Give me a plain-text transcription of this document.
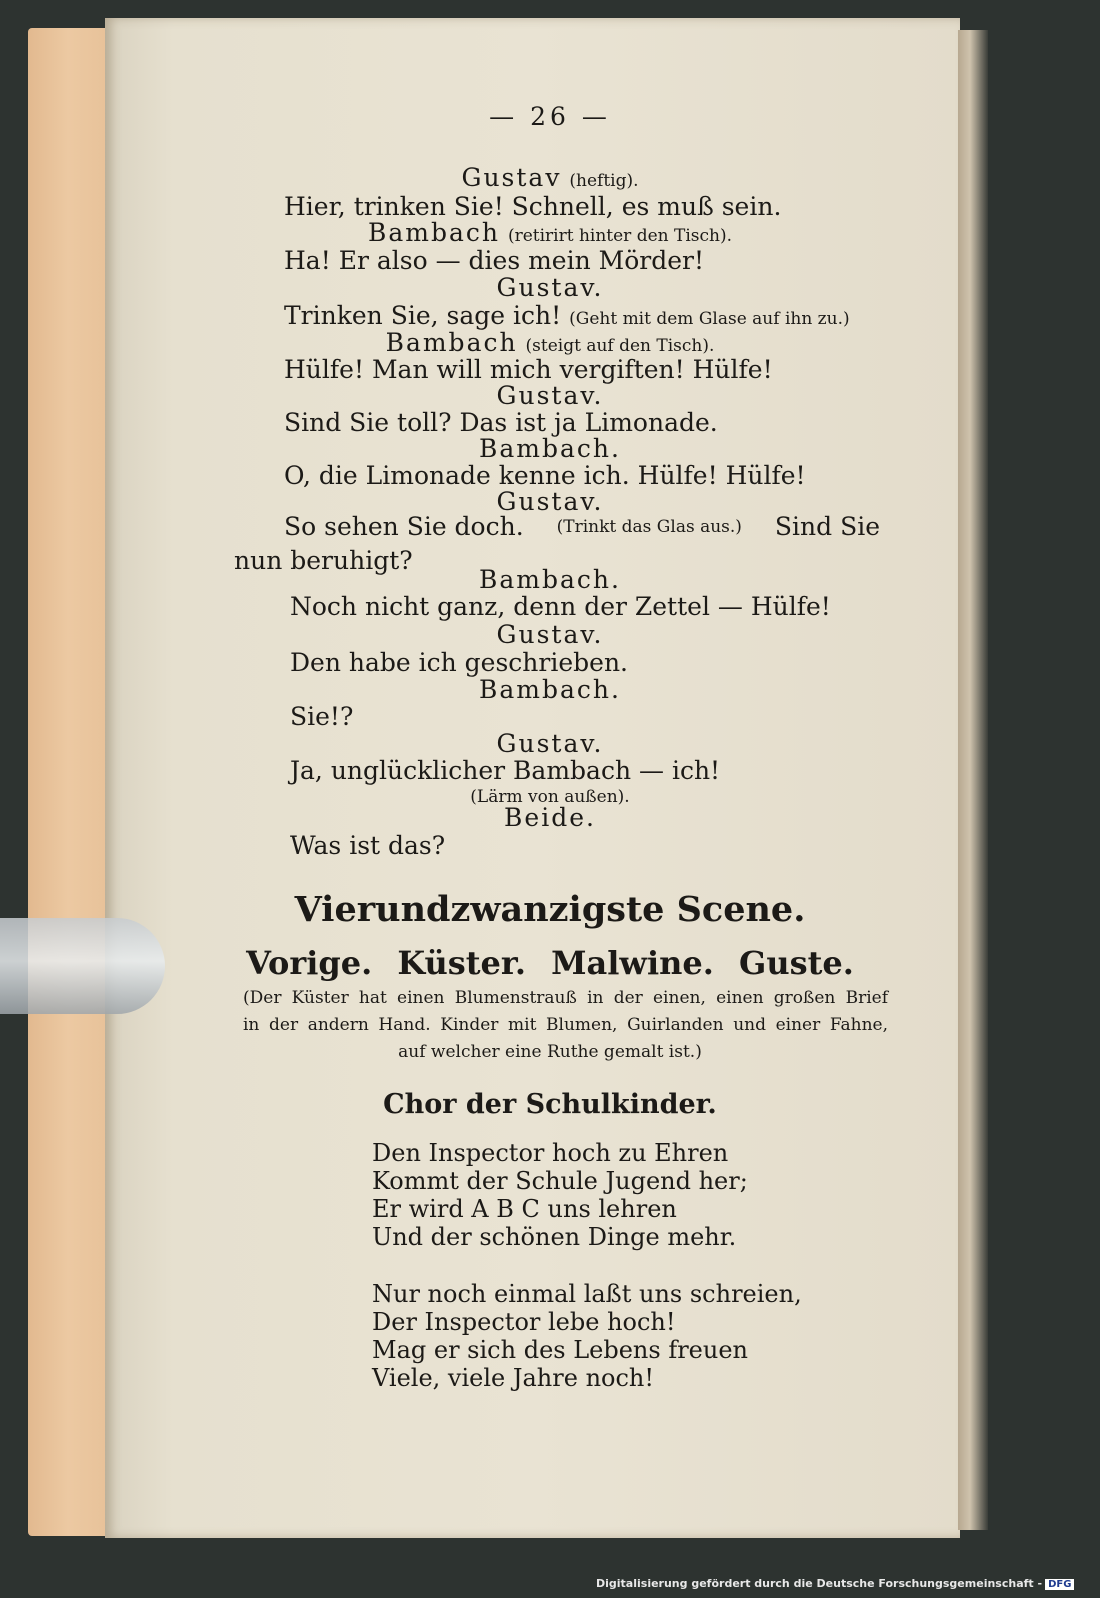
— 26 —
Gustav (heftig).
Hier, trinken Sie! Schnell, es muß sein.
Bambach (retirirt hinter den Tisch).
Ha! Er also — dies mein Mörder!
Gustav.
Trinken Sie, sage ich! (Geht mit dem Glase auf ihn zu.)
Bambach (steigt auf den Tisch).
Hülfe! Man will mich vergiften! Hülfe!
Gustav.
Sind Sie toll? Das ist ja Limonade.
Bambach.
O, die Limonade kenne ich. Hülfe! Hülfe!
Gustav.
So sehen Sie doch. (Trinkt das Glas aus.) Sind Sie
nun beruhigt?
Bambach.
Noch nicht ganz, denn der Zettel — Hülfe!
Gustav.
Den habe ich geschrieben.
Bambach.
Sie!?
Gustav.
Ja, unglücklicher Bambach — ich!
(Lärm von außen).
Beide.
Was ist das?
Vierundzwanzigste Scene.
Vorige. Küster. Malwine. Guste.
(Der Küster hat einen Blumenstrauß in der einen, einen großen Brief
in der andern Hand. Kinder mit Blumen, Guirlanden und einer Fahne,
auf welcher eine Ruthe gemalt ist.)
Chor der Schulkinder.
Den Inspector hoch zu Ehren
Kommt der Schule Jugend her;
Er wird A B C uns lehren
Und der schönen Dinge mehr.
Nur noch einmal laßt uns schreien,
Der Inspector lebe hoch!
Mag er sich des Lebens freuen
Viele, viele Jahre noch!
Digitalisierung gefördert durch die Deutsche Forschungsgemeinschaft - DFG
